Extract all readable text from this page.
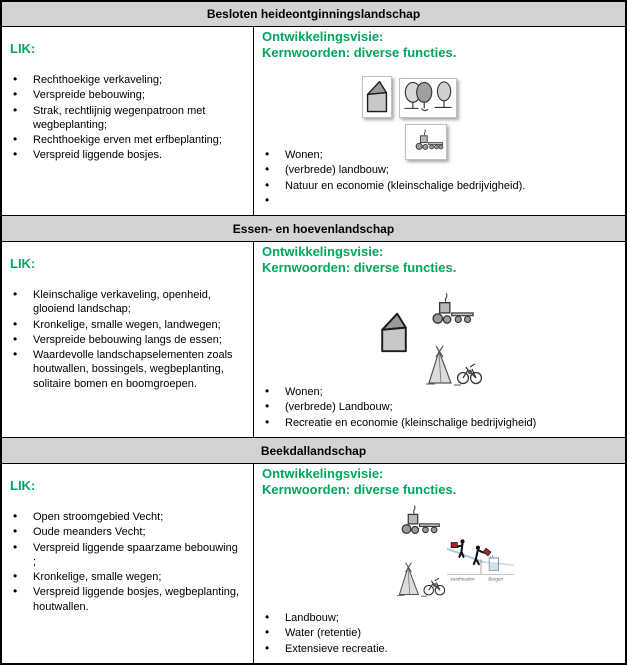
Besloten heideontginningslandschap
LIK:
• Rechthoekige verkaveling;
• Verspreide bebouwing;
• Strak, rechtlijnig wegenpatroon met wegbeplanting;
• Rechthoekige erven met erfbeplanting;
• Verspreid liggende bosjes.
Ontwikkelingsvisie:
Kernwoorden: diverse functies.
• Wonen;
• (verbrede) landbouw;
• Natuur en economie (kleinschalige bedrijvigheid).
•
Essen- en hoevenlandschap
LIK:
• Kleinschalige verkaveling, openheid, glooiend landschap;
• Kronkelige, smalle wegen, landwegen;
• Verspreide bebouwing langs de essen;
• Waardevolle landschapselementen zoals houtwallen, bossingels, wegbeplanting, solitaire bomen en boomgroepen.
Ontwikkelingsvisie:
Kernwoorden: diverse functies.
• Wonen;
• (verbrede) Landbouw;
• Recreatie en economie (kleinschalige bedrijvigheid)
Beekdallandschap
LIK:
• Open stroomgebied Vecht;
• Oude meanders Vecht;
• Verspreid liggende spaarzame bebouwing ;
• Kronkelige, smalle wegen;
• Verspreid liggende bosjes, wegbeplanting, houtwallen.
Ontwikkelingsvisie:
Kernwoorden: diverse functies.
Vasthouden	Bergen
• Landbouw;
• Water (retentie)
• Extensieve recreatie.
